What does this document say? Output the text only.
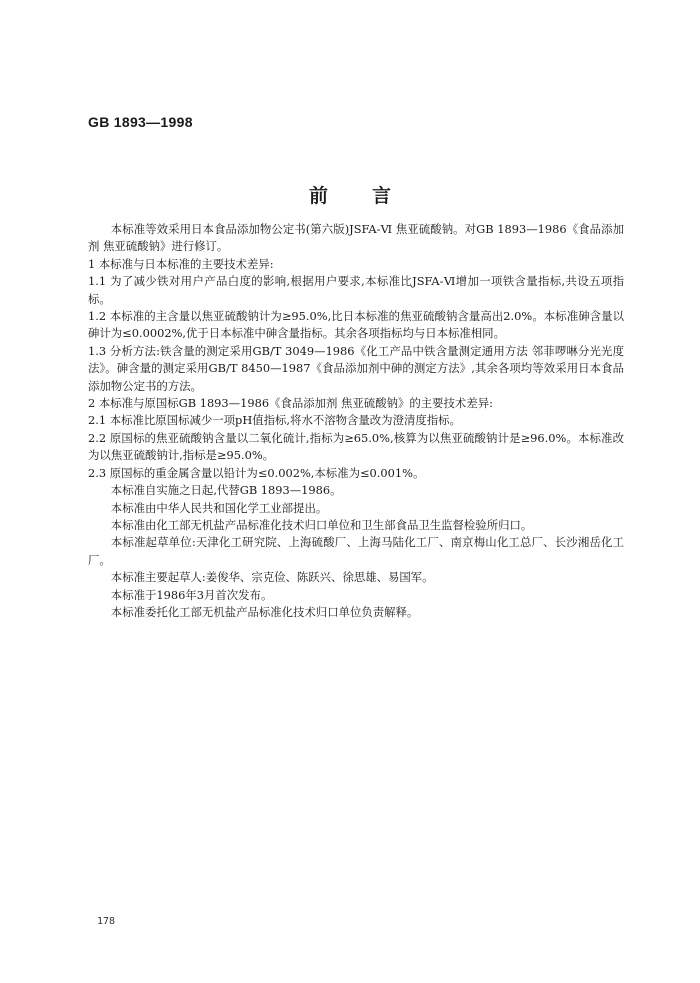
GB 1893—1998
前言

本标准等效采用日本食品添加物公定书(第六版)JSFA-Ⅵ 焦亚硫酸钠。对GB 1893—1986《食品添加剂 焦亚硫酸钠》进行修订。

1 本标准与日本标准的主要技术差异:

1.1 为了减少铁对用户产品白度的影响,根据用户要求,本标准比JSFA-Ⅵ增加一项铁含量指标,共设五项指标。

1.2 本标准的主含量以焦亚硫酸钠计为≥95.0%,比日本标准的焦亚硫酸钠含量高出2.0%。本标准砷含量以砷计为≤0.0002%,优于日本标准中砷含量指标。其余各项指标均与日本标准相同。

1.3 分析方法:铁含量的测定采用GB/T 3049—1986《化工产品中铁含量测定通用方法 邻菲啰啉分光光度法》。砷含量的测定采用GB/T 8450—1987《食品添加剂中砷的测定方法》,其余各项均等效采用日本食品添加物公定书的方法。

2 本标准与原国标GB 1893—1986《食品添加剂 焦亚硫酸钠》的主要技术差异:

2.1 本标准比原国标减少一项pH值指标,将水不溶物含量改为澄清度指标。

2.2 原国标的焦亚硫酸钠含量以二氧化硫计,指标为≥65.0%,核算为以焦亚硫酸钠计是≥96.0%。本标准改为以焦亚硫酸钠计,指标是≥95.0%。

2.3 原国标的重金属含量以铅计为≤0.002%,本标准为≤0.001%。

本标准自实施之日起,代替GB 1893—1986。

本标准由中华人民共和国化学工业部提出。

本标准由化工部无机盐产品标准化技术归口单位和卫生部食品卫生监督检验所归口。

本标准起草单位:天津化工研究院、上海硫酸厂、上海马陆化工厂、南京梅山化工总厂、长沙湘岳化工厂。

本标准主要起草人:姜俊华、宗克俭、陈跃兴、徐思雄、易国军。

本标准于1986年3月首次发布。

本标准委托化工部无机盐产品标准化技术归口单位负责解释。

178
